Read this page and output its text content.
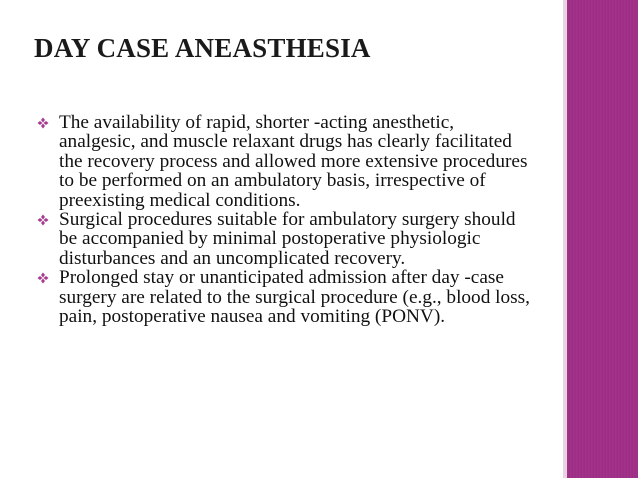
DAY CASE ANEASTHESIA
The availability of rapid, shorter -acting anesthetic, analgesic, and muscle relaxant drugs has clearly facilitated the recovery process and allowed more extensive procedures to be performed on an ambulatory basis, irrespective of preexisting medical conditions.
Surgical procedures suitable for ambulatory surgery should be accompanied by minimal postoperative physiologic disturbances and an uncomplicated recovery.
Prolonged stay or unanticipated admission after day -case surgery are related to the surgical procedure (e.g., blood loss, pain, postoperative nausea and vomiting (PONV).
